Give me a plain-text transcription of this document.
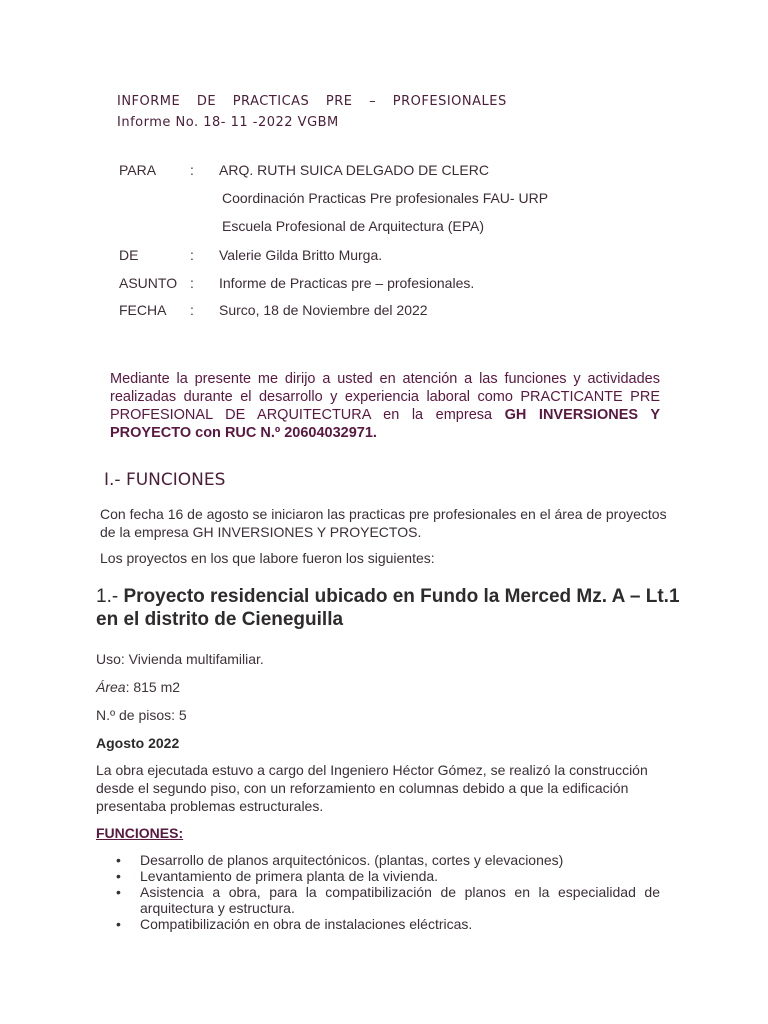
INFORME DE PRACTICAS PRE – PROFESIONALES
Informe No. 18- 11 -2022 VGBM
PARA : ARQ. RUTH SUICA DELGADO DE CLERC
Coordinación Practicas Pre profesionales FAU- URP
Escuela Profesional de Arquitectura (EPA)
DE	: Valerie Gilda Britto Murga.
ASUNTO : Informe de Practicas pre – profesionales.
FECHA : Surco, 18 de Noviembre del 2022
Mediante la presente me dirijo a usted en atención a las funciones y actividades realizadas durante el desarrollo y experiencia laboral como PRACTICANTE PRE PROFESIONAL DE ARQUITECTURA en la empresa GH INVERSIONES Y PROYECTO con RUC N.º 20604032971.
I.- FUNCIONES
Con fecha 16 de agosto se iniciaron las practicas pre profesionales en el área de proyectos de la empresa GH INVERSIONES Y PROYECTOS.
Los proyectos en los que labore fueron los siguientes:
1.- Proyecto residencial ubicado en Fundo la Merced Mz. A – Lt.1 en el distrito de Cieneguilla
Uso: Vivienda multifamiliar.
Área: 815 m2
N.º de pisos: 5
Agosto 2022
La obra ejecutada estuvo a cargo del Ingeniero Héctor Gómez, se realizó la construcción desde el segundo piso, con un reforzamiento en columnas debido a que la edificación presentaba problemas estructurales.
FUNCIONES:
• Desarrollo de planos arquitectónicos. (plantas, cortes y elevaciones)
• Levantamiento de primera planta de la vivienda.
• Asistencia a obra, para la compatibilización de planos en la especialidad de arquitectura y estructura.
• Compatibilización en obra de instalaciones eléctricas.
